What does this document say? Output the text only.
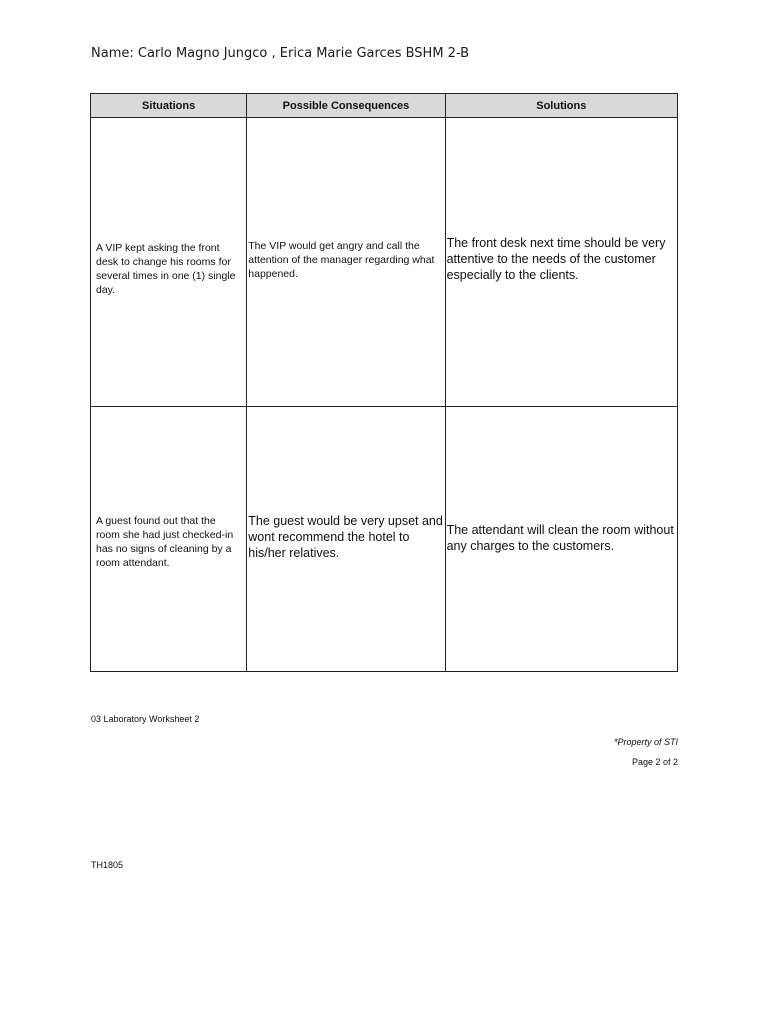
Name: Carlo Magno Jungco , Erica Marie Garces BSHM 2-B
Situations	Possible Consequences	Solutions
A VIP kept asking the front desk to change his rooms for several times in one (1) single day.	The VIP would get angry and call the attention of the manager regarding what happened.	The front desk next time should be very attentive to the needs of the customer especially to the clients.
A guest found out that the room she had just checked-in has no signs of cleaning by a room attendant.	The guest would be very upset and wont recommend the hotel to his/her relatives.	The attendant will clean the room without any charges to the customers.
03 Laboratory Worksheet 2
*Property of STI
Page 2 of 2
TH1805
